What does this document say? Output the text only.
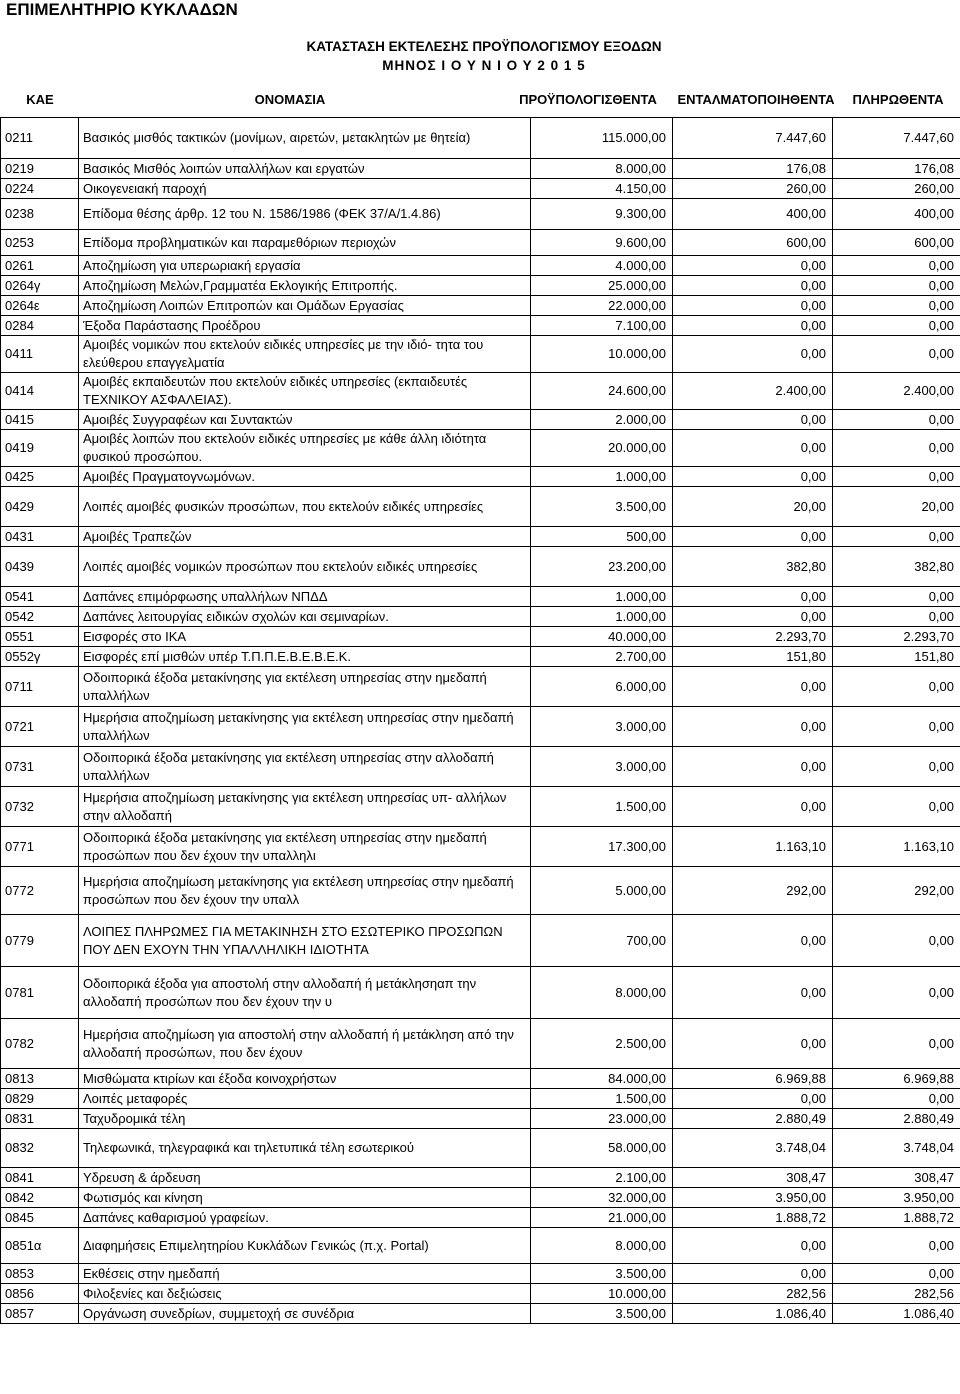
ΕΠΙΜΕΛΗΤΗΡΙΟ ΚΥΚΛΑΔΩΝ
ΚΑΤΑΣΤΑΣΗ ΕΚΤΕΛΕΣΗΣ ΠΡΟΫΠΟΛΟΓΙΣΜΟΥ ΕΞΟΔΩΝ
ΜΗΝΟΣ Ι Ο Υ Ν Ι Ο Υ 2 0 1 5
ΚΑΕ	ΟΝΟΜΑΣΙΑ	ΠΡΟΫΠΟΛΟΓΙΣΘΕΝΤΑ	ΕΝΤΑΛΜΑΤΟΠΟΙΗΘΕΝΤΑ	ΠΛΗΡΩΘΕΝΤΑ
0211	Βασικός μισθός τακτικών (μονίμων, αιρετών, μετακλητών με θητεία)	115.000,00	7.447,60	7.447,60
0219	Βασικός Μισθός λοιπών υπαλλήλων και εργατών	8.000,00	176,08	176,08
0224	Οικογενειακή παροχή	4.150,00	260,00	260,00
0238	Επίδομα θέσης άρθρ. 12 του Ν. 1586/1986 (ΦΕΚ 37/Α/1.4.86)	9.300,00	400,00	400,00
0253	Επίδομα προβληματικών και παραμεθόριων περιοχών	9.600,00	600,00	600,00
0261	Αποζημίωση για υπερωριακή εργασία	4.000,00	0,00	0,00
0264γ	Αποζημίωση Μελών,Γραμματέα Εκλογικής Επιτροπής.	25.000,00	0,00	0,00
0264ε	Αποζημίωση Λοιπών Επιτροπών και Ομάδων Εργασίας	22.000,00	0,00	0,00
0284	Έξοδα Παράστασης Προέδρου	7.100,00	0,00	0,00
0411	Αμοιβές νομικών που εκτελούν ειδικές υπηρεσίες με την ιδιό- τητα του ελεύθερου επαγγελματία	10.000,00	0,00	0,00
0414	Αμοιβές εκπαιδευτών που εκτελούν ειδικές υπηρεσίες (εκπαιδευτές ΤΕΧΝΙΚΟΥ ΑΣΦΑΛΕΙΑΣ).	24.600,00	2.400,00	2.400,00
0415	Αμοιβές Συγγραφέων και Συντακτών	2.000,00	0,00	0,00
0419	Αμοιβές λοιπών που εκτελούν ειδικές υπηρεσίες με κάθε άλλη ιδιότητα φυσικού προσώπου.	20.000,00	0,00	0,00
0425	Αμοιβές Πραγματογνωμόνων.	1.000,00	0,00	0,00
0429	Λοιπές αμοιβές φυσικών προσώπων, που εκτελούν ειδικές υπηρεσίες	3.500,00	20,00	20,00
0431	Αμοιβές Τραπεζών	500,00	0,00	0,00
0439	Λοιπές αμοιβές νομικών προσώπων που εκτελούν ειδικές υπηρεσίες	23.200,00	382,80	382,80
0541	Δαπάνες επιμόρφωσης υπαλλήλων ΝΠΔΔ	1.000,00	0,00	0,00
0542	Δαπάνες λειτουργίας ειδικών σχολών και σεμιναρίων.	1.000,00	0,00	0,00
0551	Εισφορές στο ΙΚΑ	40.000,00	2.293,70	2.293,70
0552γ	Εισφορές επί μισθών υπέρ Τ.Π.Π.Ε.Β.Ε.Β.Ε.Κ.	2.700,00	151,80	151,80
0711	Οδοιπορικά έξοδα μετακίνησης για εκτέλεση υπηρεσίας στην ημεδαπή υπαλλήλων	6.000,00	0,00	0,00
0721	Ημερήσια αποζημίωση μετακίνησης για εκτέλεση υπηρεσίας στην ημεδαπή υπαλλήλων	3.000,00	0,00	0,00
0731	Οδοιπορικά έξοδα μετακίνησης για εκτέλεση υπηρεσίας στην αλλοδαπή υπαλλήλων	3.000,00	0,00	0,00
0732	Ημερήσια αποζημίωση μετακίνησης για εκτέλεση υπηρεσίας υπ- αλλήλων στην αλλοδαπή	1.500,00	0,00	0,00
0771	Οδοιπορικά έξοδα μετακίνησης για εκτέλεση υπηρεσίας στην ημεδαπή προσώπων που δεν έχουν την υπαλληλι	17.300,00	1.163,10	1.163,10
0772	Ημερήσια αποζημίωση μετακίνησης για εκτέλεση υπηρεσίας στην ημεδαπή προσώπων που δεν έχουν την υπαλλ	5.000,00	292,00	292,00
0779	ΛΟΙΠΕΣ ΠΛΗΡΩΜΕΣ ΓΙΑ ΜΕΤΑΚΙΝΗΣΗ ΣΤΟ ΕΣΩΤΕΡΙΚΟ ΠΡΟΣΩΠΩΝ ΠΟΥ ΔΕΝ ΕΧΟΥΝ ΤΗΝ ΥΠΑΛΛΗΛΙΚΗ ΙΔΙΟΤΗΤΑ	700,00	0,00	0,00
0781	Οδοιπορικά έξοδα για αποστολή στην αλλοδαπή ή μετάκλησηαπ την αλλοδαπή προσώπων που δεν έχουν την υ	8.000,00	0,00	0,00
0782	Ημερήσια αποζημίωση για αποστολή στην αλλοδαπή ή μετάκληση από την αλλοδαπή προσώπων, που δεν έχουν	2.500,00	0,00	0,00
0813	Μισθώματα κτιρίων και έξοδα κοινοχρήστων	84.000,00	6.969,88	6.969,88
0829	Λοιπές μεταφορές	1.500,00	0,00	0,00
0831	Ταχυδρομικά τέλη	23.000,00	2.880,49	2.880,49
0832	Τηλεφωνικά, τηλεγραφικά και τηλετυπικά τέλη εσωτερικού	58.000,00	3.748,04	3.748,04
0841	Υδρευση & άρδευση	2.100,00	308,47	308,47
0842	Φωτισμός και κίνηση	32.000,00	3.950,00	3.950,00
0845	Δαπάνες καθαρισμού γραφείων.	21.000,00	1.888,72	1.888,72
0851α	Διαφημήσεις Επιμελητηρίου Κυκλάδων Γενικώς (π.χ. Portal)	8.000,00	0,00	0,00
0853	Εκθέσεις στην ημεδαπή	3.500,00	0,00	0,00
0856	Φιλοξενίες και δεξιώσεις	10.000,00	282,56	282,56
0857	Οργάνωση συνεδρίων, συμμετοχή σε συνέδρια	3.500,00	1.086,40	1.086,40
